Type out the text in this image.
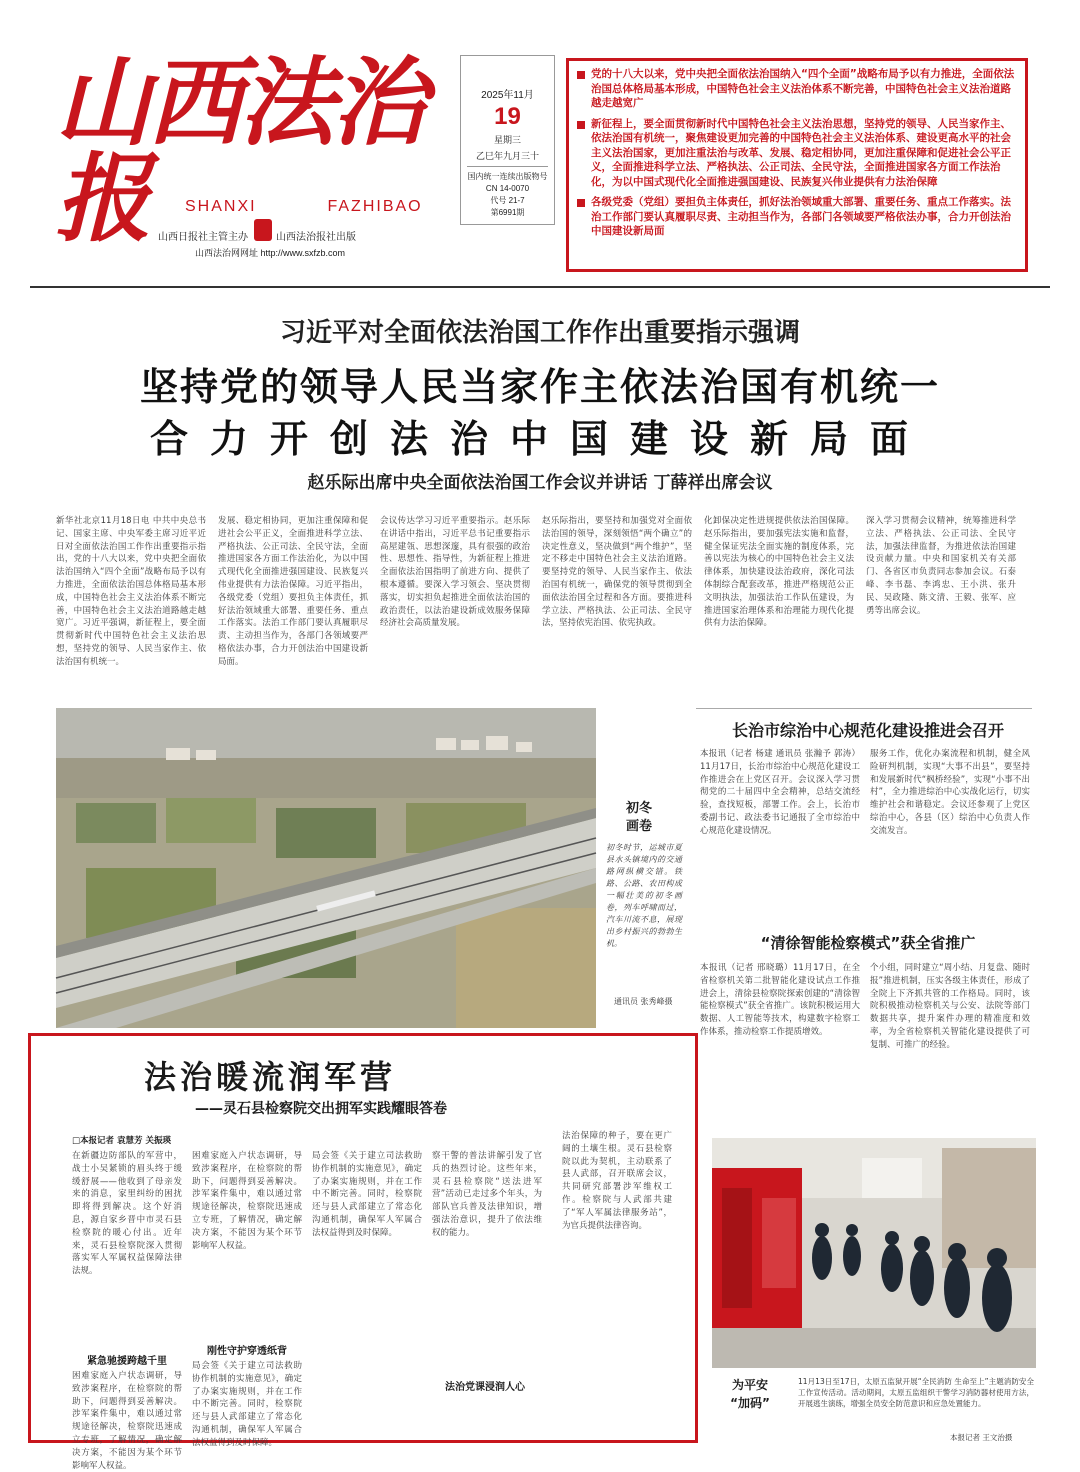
山西法治报	SHANXI	FAZHIBAO
山西日报社主管主办	山西法治报社出版
山西法治网网址 http://www.sxfzb.com
2025年11月
19
星期三
乙巳年九月三十
国内统一连续出版物号
CN 14-0070
代号 21-7
第6991期
党的十八大以来，党中央把全面依法治国纳入“四个全面”战略布局予以有力推进，全面依法治国总体格局基本形成，中国特色社会主义法治体系不断完善，中国特色社会主义法治道路越走越宽广
新征程上，要全面贯彻新时代中国特色社会主义法治思想，坚持党的领导、人民当家作主、依法治国有机统一，聚焦建设更加完善的中国特色社会主义法治体系、建设更高水平的社会主义法治国家，更加注重法治与改革、发展、稳定相协同，更加注重保障和促进社会公平正义，全面推进科学立法、严格执法、公正司法、全民守法，全面推进国家各方面工作法治化，为以中国式现代化全面推进强国建设、民族复兴伟业提供有力法治保障
各级党委（党组）要担负主体责任，抓好法治领域重大部署、重要任务、重点工作落实。法治工作部门要认真履职尽责、主动担当作为，各部门各领域要严格依法办事，合力开创法治中国建设新局面
习近平对全面依法治国工作作出重要指示强调
坚持党的领导人民当家作主依法治国有机统一
合力开创法治中国建设新局面
赵乐际出席中央全面依法治国工作会议并讲话 丁薛祥出席会议
新华社北京11月18日电 中共中央总书记、国家主席、中央军委主席习近平近日对全面依法治国工作作出重要指示指出，党的十八大以来，党中央把全面依法治国纳入“四个全面”战略布局予以有力推进，全面依法治国总体格局基本形成，中国特色社会主义法治体系不断完善，中国特色社会主义法治道路越走越宽广。习近平强调，新征程上，要全面贯彻新时代中国特色社会主义法治思想，坚持党的领导、人民当家作主、依法治国有机统一。
发展、稳定相协同，更加注重保障和促进社会公平正义，全面推进科学立法、严格执法、公正司法、全民守法，全面推进国家各方面工作法治化，为以中国式现代化全面推进强国建设、民族复兴伟业提供有力法治保障。习近平指出，各级党委（党组）要担负主体责任，抓好法治领域重大部署、重要任务、重点工作落实。法治工作部门要认真履职尽责、主动担当作为，各部门各领域要严格依法办事，合力开创法治中国建设新局面。
会议传达学习习近平重要指示。赵乐际在讲话中指出，习近平总书记重要指示高屋建瓴、思想深邃，具有很强的政治性、思想性、指导性，为新征程上推进全面依法治国指明了前进方向、提供了根本遵循。要深入学习领会、坚决贯彻落实，切实担负起推进全面依法治国的政治责任，以法治建设新成效服务保障经济社会高质量发展。
赵乐际指出，要坚持和加强党对全面依法治国的领导，深刻领悟“两个确立”的决定性意义，坚决做到“两个维护”，坚定不移走中国特色社会主义法治道路。要坚持党的领导、人民当家作主、依法治国有机统一，确保党的领导贯彻到全面依法治国全过程和各方面。要推进科学立法、严格执法、公正司法、全民守法，坚持依宪治国、依宪执政。
化卸保决定性进规提供依法治国保障。赵乐际指出，要加强宪法实施和监督，健全保证宪法全面实施的制度体系，完善以宪法为核心的中国特色社会主义法律体系，加快建设法治政府，深化司法体制综合配套改革，推进严格规范公正文明执法，加强法治工作队伍建设，为推进国家治理体系和治理能力现代化提供有力法治保障。
深入学习贯彻会议精神，统筹推进科学立法、严格执法、公正司法、全民守法，加强法律监督，为推进依法治国建设贡献力量。中央和国家机关有关部门、各省区市负责同志参加会议。石泰峰、李书磊、李鸿忠、王小洪、张升民、吴政隆、陈文清、王毅、张军、应勇等出席会议。
初冬
画卷
初冬时节，运城市夏县水头镇境内的交通路网纵横交错。铁路、公路、农田构成一幅壮美的初冬画卷，列车呼啸而过，汽车川流不息，展现出乡村振兴的勃勃生机。
通讯员 张秀峰摄
长治市综治中心规范化建设推进会召开
本报讯（记者 杨建 通讯员 张瀚予 郭涛）11月17日，长治市综治中心规范化建设工作推进会在上党区召开。会议深入学习贯彻党的二十届四中全会精神，总结交流经验，查找短板，部署工作。会上，长治市委副书记、政法委书记通报了全市综治中心规范化建设情况。
服务工作，优化办案流程和机制，健全风险研判机制，实现“大事不出县”，要坚持和发展新时代“枫桥经验”，实现“小事不出村”，全力推进综治中心实战化运行，切实维护社会和谐稳定。会议还参观了上党区综治中心，各县（区）综治中心负责人作交流发言。
“清徐智能检察模式”获全省推广
本报讯（记者 邢晓璐）11月17日，在全省检察机关第二批智能化建设试点工作推进会上，清徐县检察院探索创建的“清徐智能检察模式”获全省推广。该院积极运用大数据、人工智能等技术，构建数字检察工作体系，推动检察工作提质增效。
个小组，同时建立“周小结、月复盘、随时报”推进机制，压实各级主体责任，形成了全院上下齐抓共管的工作格局。同时，该院积极推动检察机关与公安、法院等部门数据共享，提升案件办理的精准度和效率，为全省检察机关智能化建设提供了可复制、可推广的经验。
法治暖流润军营
——灵石县检察院交出拥军实践耀眼答卷
□本报记者 袁慧芳 关振瑛
在新疆边防部队的军营中，战士小吴紧锁的眉头终于缓缓舒展——他收到了母亲发来的消息，家里纠纷的困扰即将得到解决。这个好消息，源自家乡晋中市灵石县检察院的暖心付出。近年来，灵石县检察院深入贯彻落实军人军属权益保障法律法规。
紧急驰援跨越千里
困难家庭入户状态调研，导致涉案程序，在检察院的帮助下，问题得到妥善解决。涉军案件集中，难以通过常规途径解决，检察院迅速成立专班，了解情况，确定解决方案，不能因为某个环节影响军人权益。
困难家庭入户状态调研，导致涉案程序，在检察院的帮助下，问题得到妥善解决。涉军案件集中，难以通过常规途径解决，检察院迅速成立专班，了解情况，确定解决方案，不能因为某个环节影响军人权益。
刚性守护穿透纸背
局会签《关于建立司法救助协作机制的实施意见》，确定了办案实施规则，并在工作中不断完善。同时，检察院还与县人武部建立了常态化沟通机制，确保军人军属合法权益得到及时保障。
局会签《关于建立司法救助协作机制的实施意见》，确定了办案实施规则，并在工作中不断完善。同时，检察院还与县人武部建立了常态化沟通机制，确保军人军属合法权益得到及时保障。
法治党课浸润人心
察干警的普法讲解引发了官兵的热烈讨论。这些年来，灵石县检察院“送法进军营”活动已走过多个年头，为部队官兵普及法律知识，增强法治意识，提升了依法维权的能力。
法治保障的种子，要在更广阔的土壤生根。灵石县检察院以此为契机，主动联系了县人武部，召开联席会议，共同研究部署涉军维权工作。检察院与人武部共建了“军人军属法律服务站”，为官兵提供法律咨询。
为平安
“加码”
11月13日至17日，太原五监狱开展“全民消防 生命至上”主题消防安全工作宣传活动。活动期间，太原五监组织干警学习消防器材使用方法，开展逃生演练，增强全员安全防范意识和应急处置能力。
本报记者 王文治摄
